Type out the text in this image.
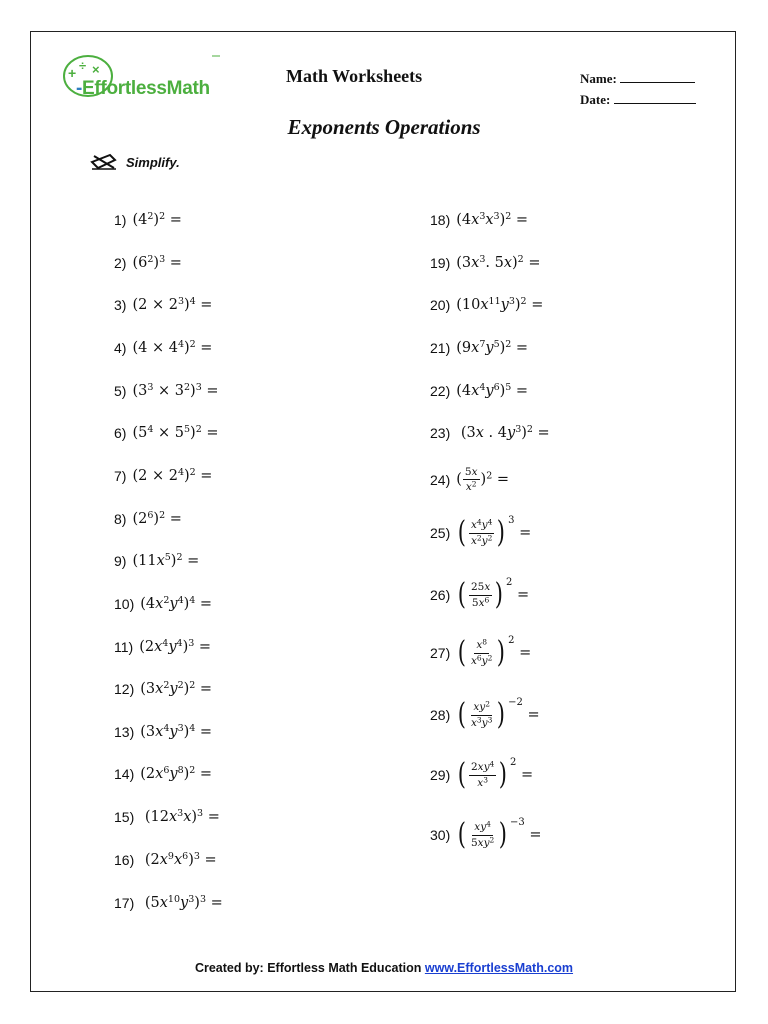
+ ÷ ×
-EffortlessMath
Math Worksheets	Name:
Date:
Exponents Operations
Simplify.
1) $(4^2)^2$ =
2) $(6^2)^3$ =
3) $(2 \times 2^3)^4$ =
4) $(4 \times 4^4)^2$ =
5) $(3^3 \times 3^2)^3$ =
6) $(5^4 \times 5^5)^2$ =
7) $(2 \times 2^4)^2$ =
8) $(2^6)^2$ =
9) $(11x^5)^2$ =
10) $(4x^2y^4)^4$ =
11) $(2x^4y^4)^3$ =
12) $(3x^2y^2)^2$ =
13) $(3x^4y^3)^4$ =
14) $(2x^6y^8)^2$ =
15) $(12x^3x)^3$ =
16) $(2x^9x^6)^3$ =
17) $(5x^{10}y^3)^3$ =
18) $(4x^3x^3)^2$ =
19) ($3x^3$. 5x)$^2$ =
20) $(10x^{11}y^3)^2$ =
21) $(9x^7y^5)^2$ =
22) $(4x^4y^6)^5$ =
23) (3x . $4y^3)^2$ =
24) ( $\frac{5x}{x^2} )^2$ =
25) ( $\frac{x^4y^4}{x^2y^2}$ ) $^3$ =
26) ( $\frac{25x}{5x^6}$ ) $^2$ =
27) ( $\frac{x^8}{x^6y^2}$ ) $^2$ =
28) ( $\frac{xy^2}{x^3y^3}$ ) $^{-2}$ =
29) ( $\frac{2xy^4}{x^3}$ ) $^2$ =
30) ( $\frac{xy^4}{5xy^2}$ ) $^{-3}$ =
Created by: Effortless Math Education www.EffortlessMath.com
